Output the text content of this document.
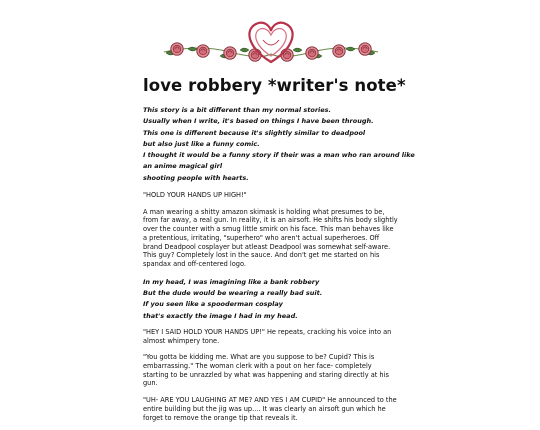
love robbery *writer's note*
This story is a bit different than my normal stories.
Usually when I write, it's based on things I have been through.
This one is different because it's slightly similar to deadpool
but also just like a funny comic.
I thought it would be a funny story if their was a man who ran around like
an anime magical girl
shooting people with hearts.

"HOLD YOUR HANDS UP HIGH!"

A man wearing a shitty amazon skimask is holding what presumes to be, from far away, a real gun. In reality, it is an airsoft. He shifts his body slightly over the counter with a smug little smirk on his face. This man behaves like a pretentious, irritating, "superhero" who aren't actual superheroes. Off brand Deadpool cosplayer but atleast Deadpool was somewhat self-aware. This guy? Completely lost in the sauce. And don't get me started on his spandax and off-centered logo.

In my head, I was imagining like a bank robbery
But the dude would be wearing a really bad suit.
If you seen like a spooderman cosplay
that's exactly the image I had in my head.

"HEY I SAID HOLD YOUR HANDS UP!" He repeats, cracking his voice into an almost whimpery tone.

"You gotta be kidding me. What are you suppose to be? Cupid? This is embarrassing." The woman clerk with a pout on her face- completely starting to be unrazzled by what was happening and staring directly at his gun.

"UH- ARE YOU LAUGHING AT ME? AND YES I AM CUPID" He announced to the entire building but the jig was up.... It was clearly an airsoft gun which he forget to remove the orange tip that reveals it.
